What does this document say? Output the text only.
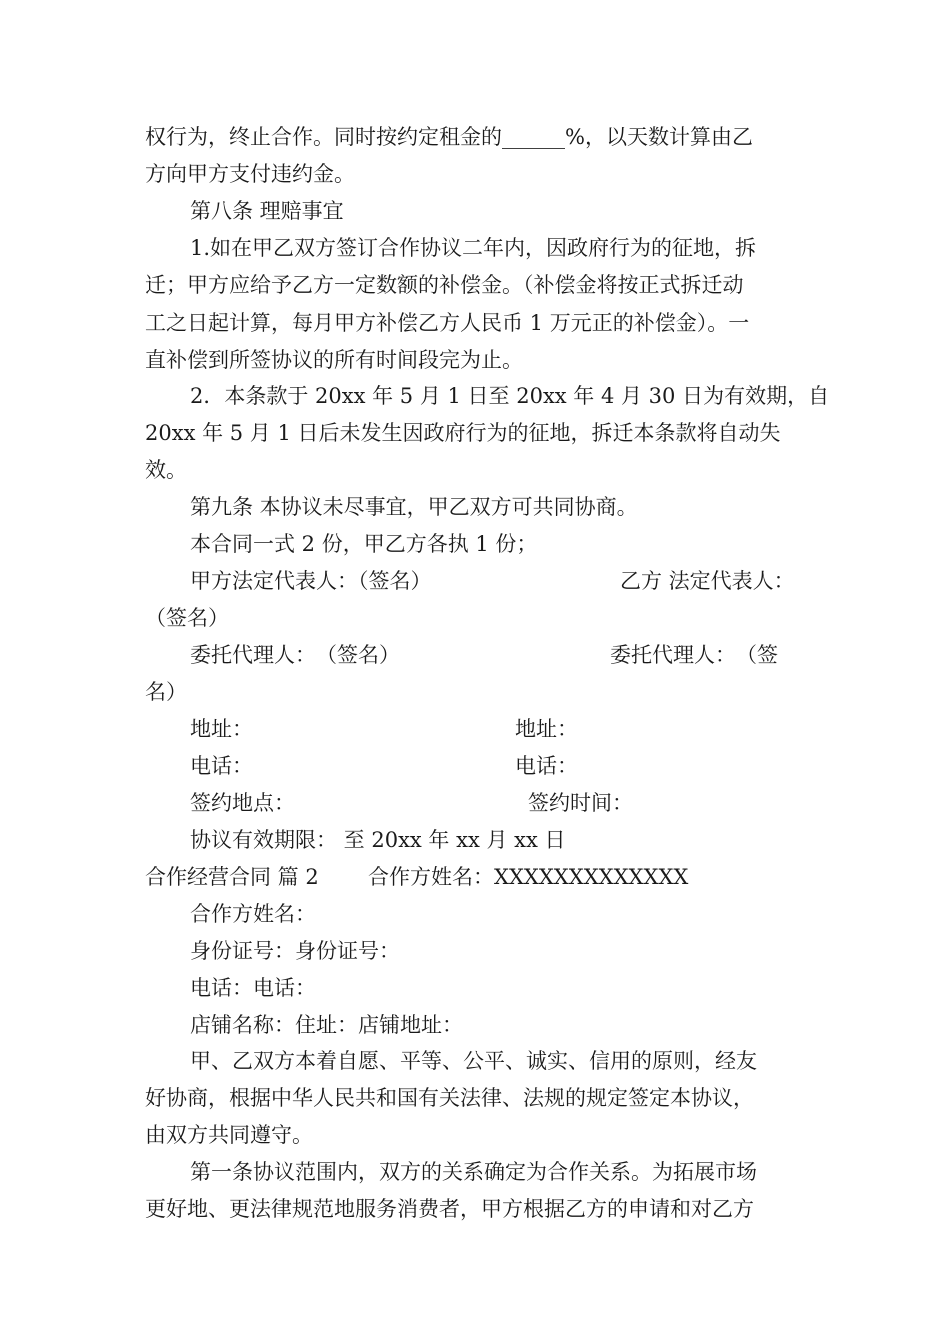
权行为，终止合作。同时按约定租金的______%，以天数计算由乙
方向甲方支付违约金。
第八条 理赔事宜
1.如在甲乙双方签订合作协议二年内，因政府行为的征地，拆
迁；甲方应给予乙方一定数额的补偿金。（补偿金将按正式拆迁动
工之日起计算，每月甲方补偿乙方人民币 1 万元正的补偿金）。一
直补偿到所签协议的所有时间段完为止。
2．本条款于 20xx 年 5 月 1 日至 20xx 年 4 月 30 日为有效期，自
20xx 年 5 月 1 日后未发生因政府行为的征地，拆迁本条款将自动失
效。
第九条 本协议未尽事宜，甲乙双方可共同协商。
本合同一式 2 份，甲乙方各执 1 份；
甲方法定代表人：（签名）	乙方 法定代表人：
（签名）
委托代理人：　（签名）	委托代理人：　（签
名）
地址：	地址：
电话：	电话：
签约地点：	签约时间：
协议有效期限： 至 20xx 年 xx 月 xx 日
合作经营合同 篇 2 合作方姓名：XXXXXXXXXXXXX
合作方姓名：
身份证号：身份证号：
电话：电话：
店铺名称：住址：店铺地址：
甲、乙双方本着自愿、平等、公平、诚实、信用的原则，经友
好协商，根据中华人民共和国有关法律、法规的规定签定本协议，
由双方共同遵守。
第一条协议范围内，双方的关系确定为合作关系。为拓展市场
更好地、更法律规范地服务消费者，甲方根据乙方的申请和对乙方
